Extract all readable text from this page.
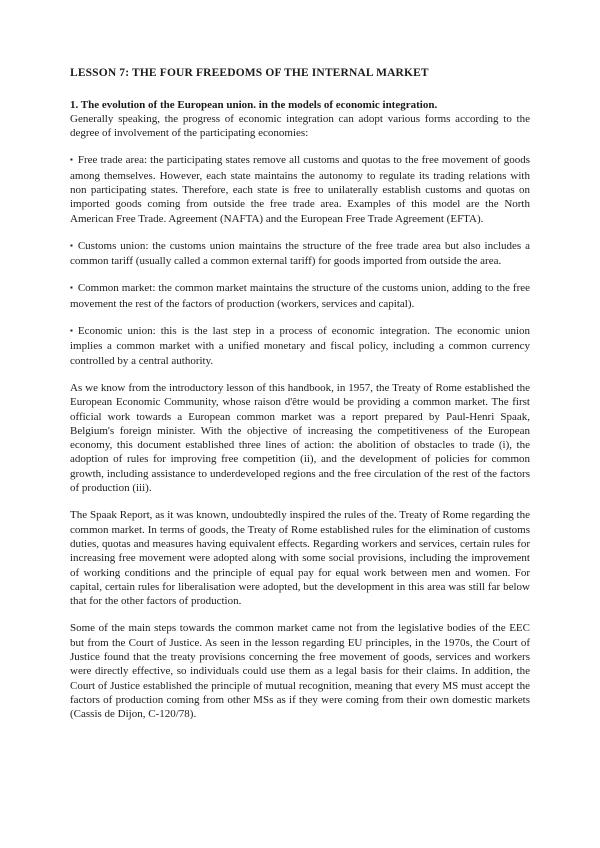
LESSON 7: THE FOUR FREEDOMS OF THE INTERNAL MARKET

1. The evolution of the European union. in the models of economic integration.

Generally speaking, the progress of economic integration can adopt various forms according to the degree of involvement of the participating economies:

▪ Free trade area: the participating states remove all customs and quotas to the free movement of goods among themselves. However, each state maintains the autonomy to regulate its trading relations with non participating states. Therefore, each state is free to unilaterally establish customs and quotas on imported goods coming from outside the free trade area. Examples of this model are the North American Free Trade. Agreement (NAFTA) and the European Free Trade Agreement (EFTA).

▪ Customs union: the customs union maintains the structure of the free trade area but also includes a common tariff (usually called a common external tariff) for goods imported from outside the area.

▪ Common market: the common market maintains the structure of the customs union, adding to the free movement the rest of the factors of production (workers, services and capital).

▪ Economic union: this is the last step in a process of economic integration. The economic union implies a common market with a unified monetary and fiscal policy, including a common currency controlled by a central authority.

As we know from the introductory lesson of this handbook, in 1957, the Treaty of Rome established the European Economic Community, whose raison d'être would be providing a common market. The first official work towards a European common market was a report prepared by Paul-Henri Spaak, Belgium's foreign minister. With the objective of increasing the competitiveness of the European economy, this document established three lines of action: the abolition of obstacles to trade (i), the adoption of rules for improving free competition (ii), and the development of policies for common growth, including assistance to underdeveloped regions and the free circulation of the rest of the factors of production (iii).

The Spaak Report, as it was known, undoubtedly inspired the rules of the. Treaty of Rome regarding the common market. In terms of goods, the Treaty of Rome established rules for the elimination of customs duties, quotas and measures having equivalent effects. Regarding workers and services, certain rules for increasing free movement were adopted along with some social provisions, including the improvement of working conditions and the principle of equal pay for equal work between men and women. For capital, certain rules for liberalisation were adopted, but the development in this area was still far below that for the other factors of production.

Some of the main steps towards the common market came not from the legislative bodies of the EEC but from the Court of Justice. As seen in the lesson regarding EU principles, in the 1970s, the Court of Justice found that the treaty provisions concerning the free movement of goods, services and workers were directly effective, so individuals could use them as a legal basis for their claims. In addition, the Court of Justice established the principle of mutual recognition, meaning that every MS must accept the factors of production coming from other MSs as if they were coming from their own domestic markets (Cassis de Dijon, C-120/78).
